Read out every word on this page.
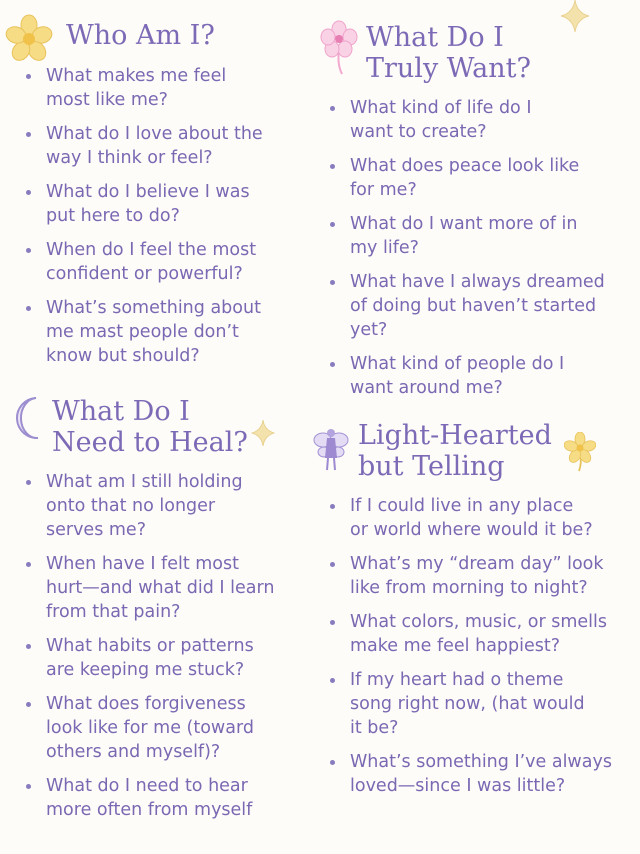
Who Am I?
What makes me feel
most like me?
What do I love about the
way I think or feel?
What do I believe I was
put here to do?
When do I feel the most
confident or powerful?
What’s something about
me mast people don’t
know but should?
What Do I
Truly Want?
What kind of life do I
want to create?
What does peace look like
for me?
What do I want more of in
my life?
What have I always dreamed
of doing but haven’t started
yet?
What kind of people do I
want around me?
What Do I
Need to Heal?
What am I still holding
onto that no longer
serves me?
When have I felt most
hurt—and what did I learn
from that pain?
What habits or patterns
are keeping me stuck?
What does forgiveness
look like for me (toward
others and myself)?
What do I need to hear
more often from myself
Light-Hearted
but Telling
If I could live in any place
or world where would it be?
What’s my “dream day” look
like from morning to night?
What colors, music, or smells
make me feel happiest?
If my heart had o theme
song right now, (hat would
it be?
What’s something I’ve always
loved—since I was little?
